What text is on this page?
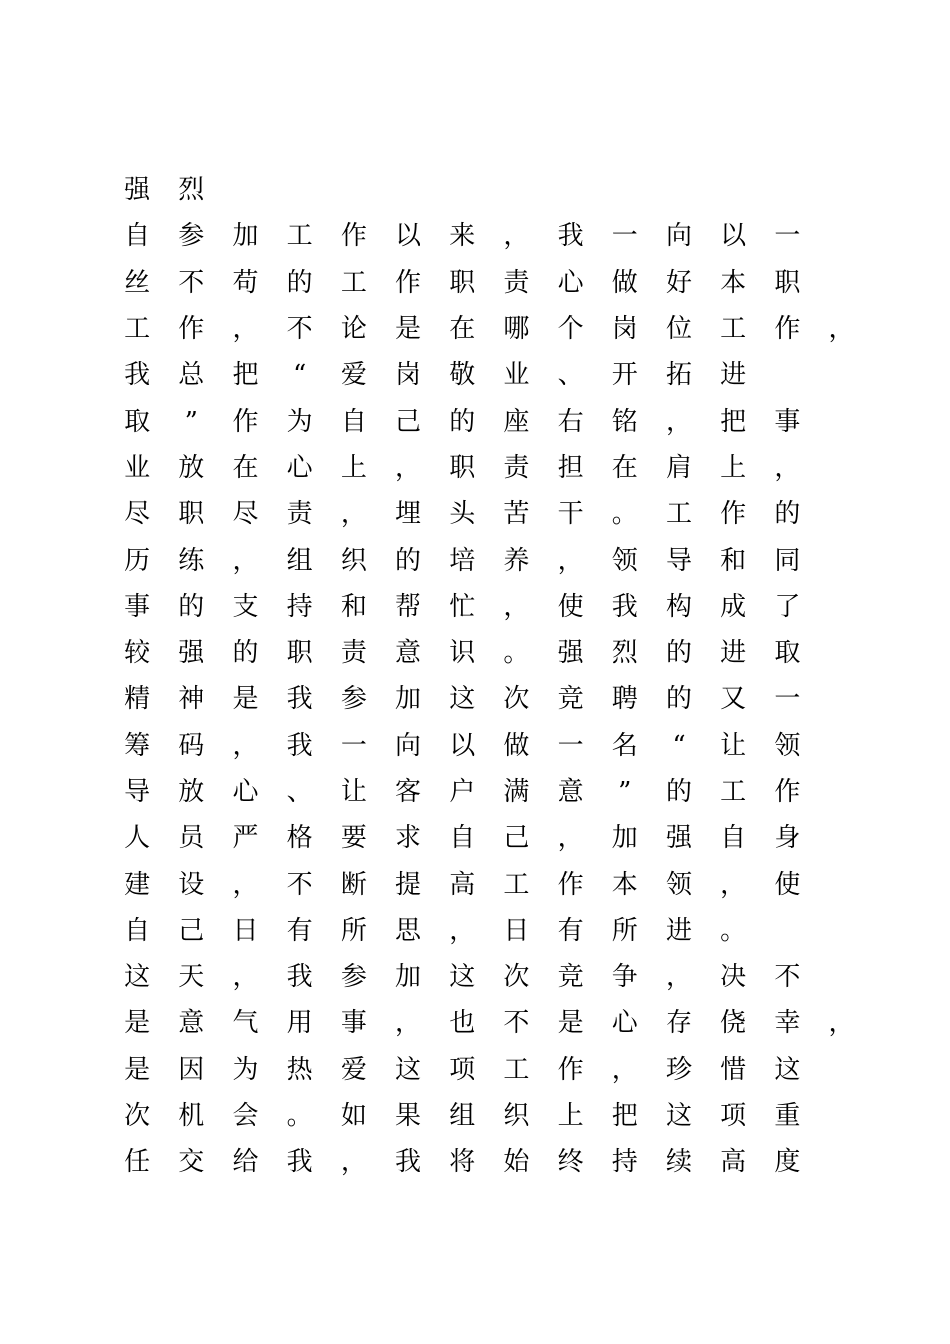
强	烈
自	参	加	工	作	以	来	，	我	一	向	以	一
丝	不	苟	的	工	作	职	责	心	做	好	本	职
工	作	，	不	论	是	在	哪	个	岗	位	工	作	，
我	总	把	“	爱	岗	敬	业	、	开	拓	进
取	”	作	为	自	己	的	座	右	铭	，	把	事
业	放	在	心	上	，	职	责	担	在	肩	上	，
尽	职	尽	责	，	埋	头	苦	干	。	工	作	的
历	练	，	组	织	的	培	养	，	领	导	和	同
事	的	支	持	和	帮	忙	，	使	我	构	成	了
较	强	的	职	责	意	识	。	强	烈	的	进	取
精	神	是	我	参	加	这	次	竞	聘	的	又	一
筹	码	，	我	一	向	以	做	一	名	“	让	领
导	放	心	、	让	客	户	满	意	”	的	工	作
人	员	严	格	要	求	自	己	，	加	强	自	身
建	设	，	不	断	提	高	工	作	本	领	，	使
自	己	日	有	所	思	，	日	有	所	进	。
这	天	，	我	参	加	这	次	竞	争	，	决	不
是	意	气	用	事	，	也	不	是	心	存	侥	幸	，
是	因	为	热	爱	这	项	工	作	，	珍	惜	这
次	机	会	。	如	果	组	织	上	把	这	项	重
任	交	给	我	，	我	将	始	终	持	续	高	度
